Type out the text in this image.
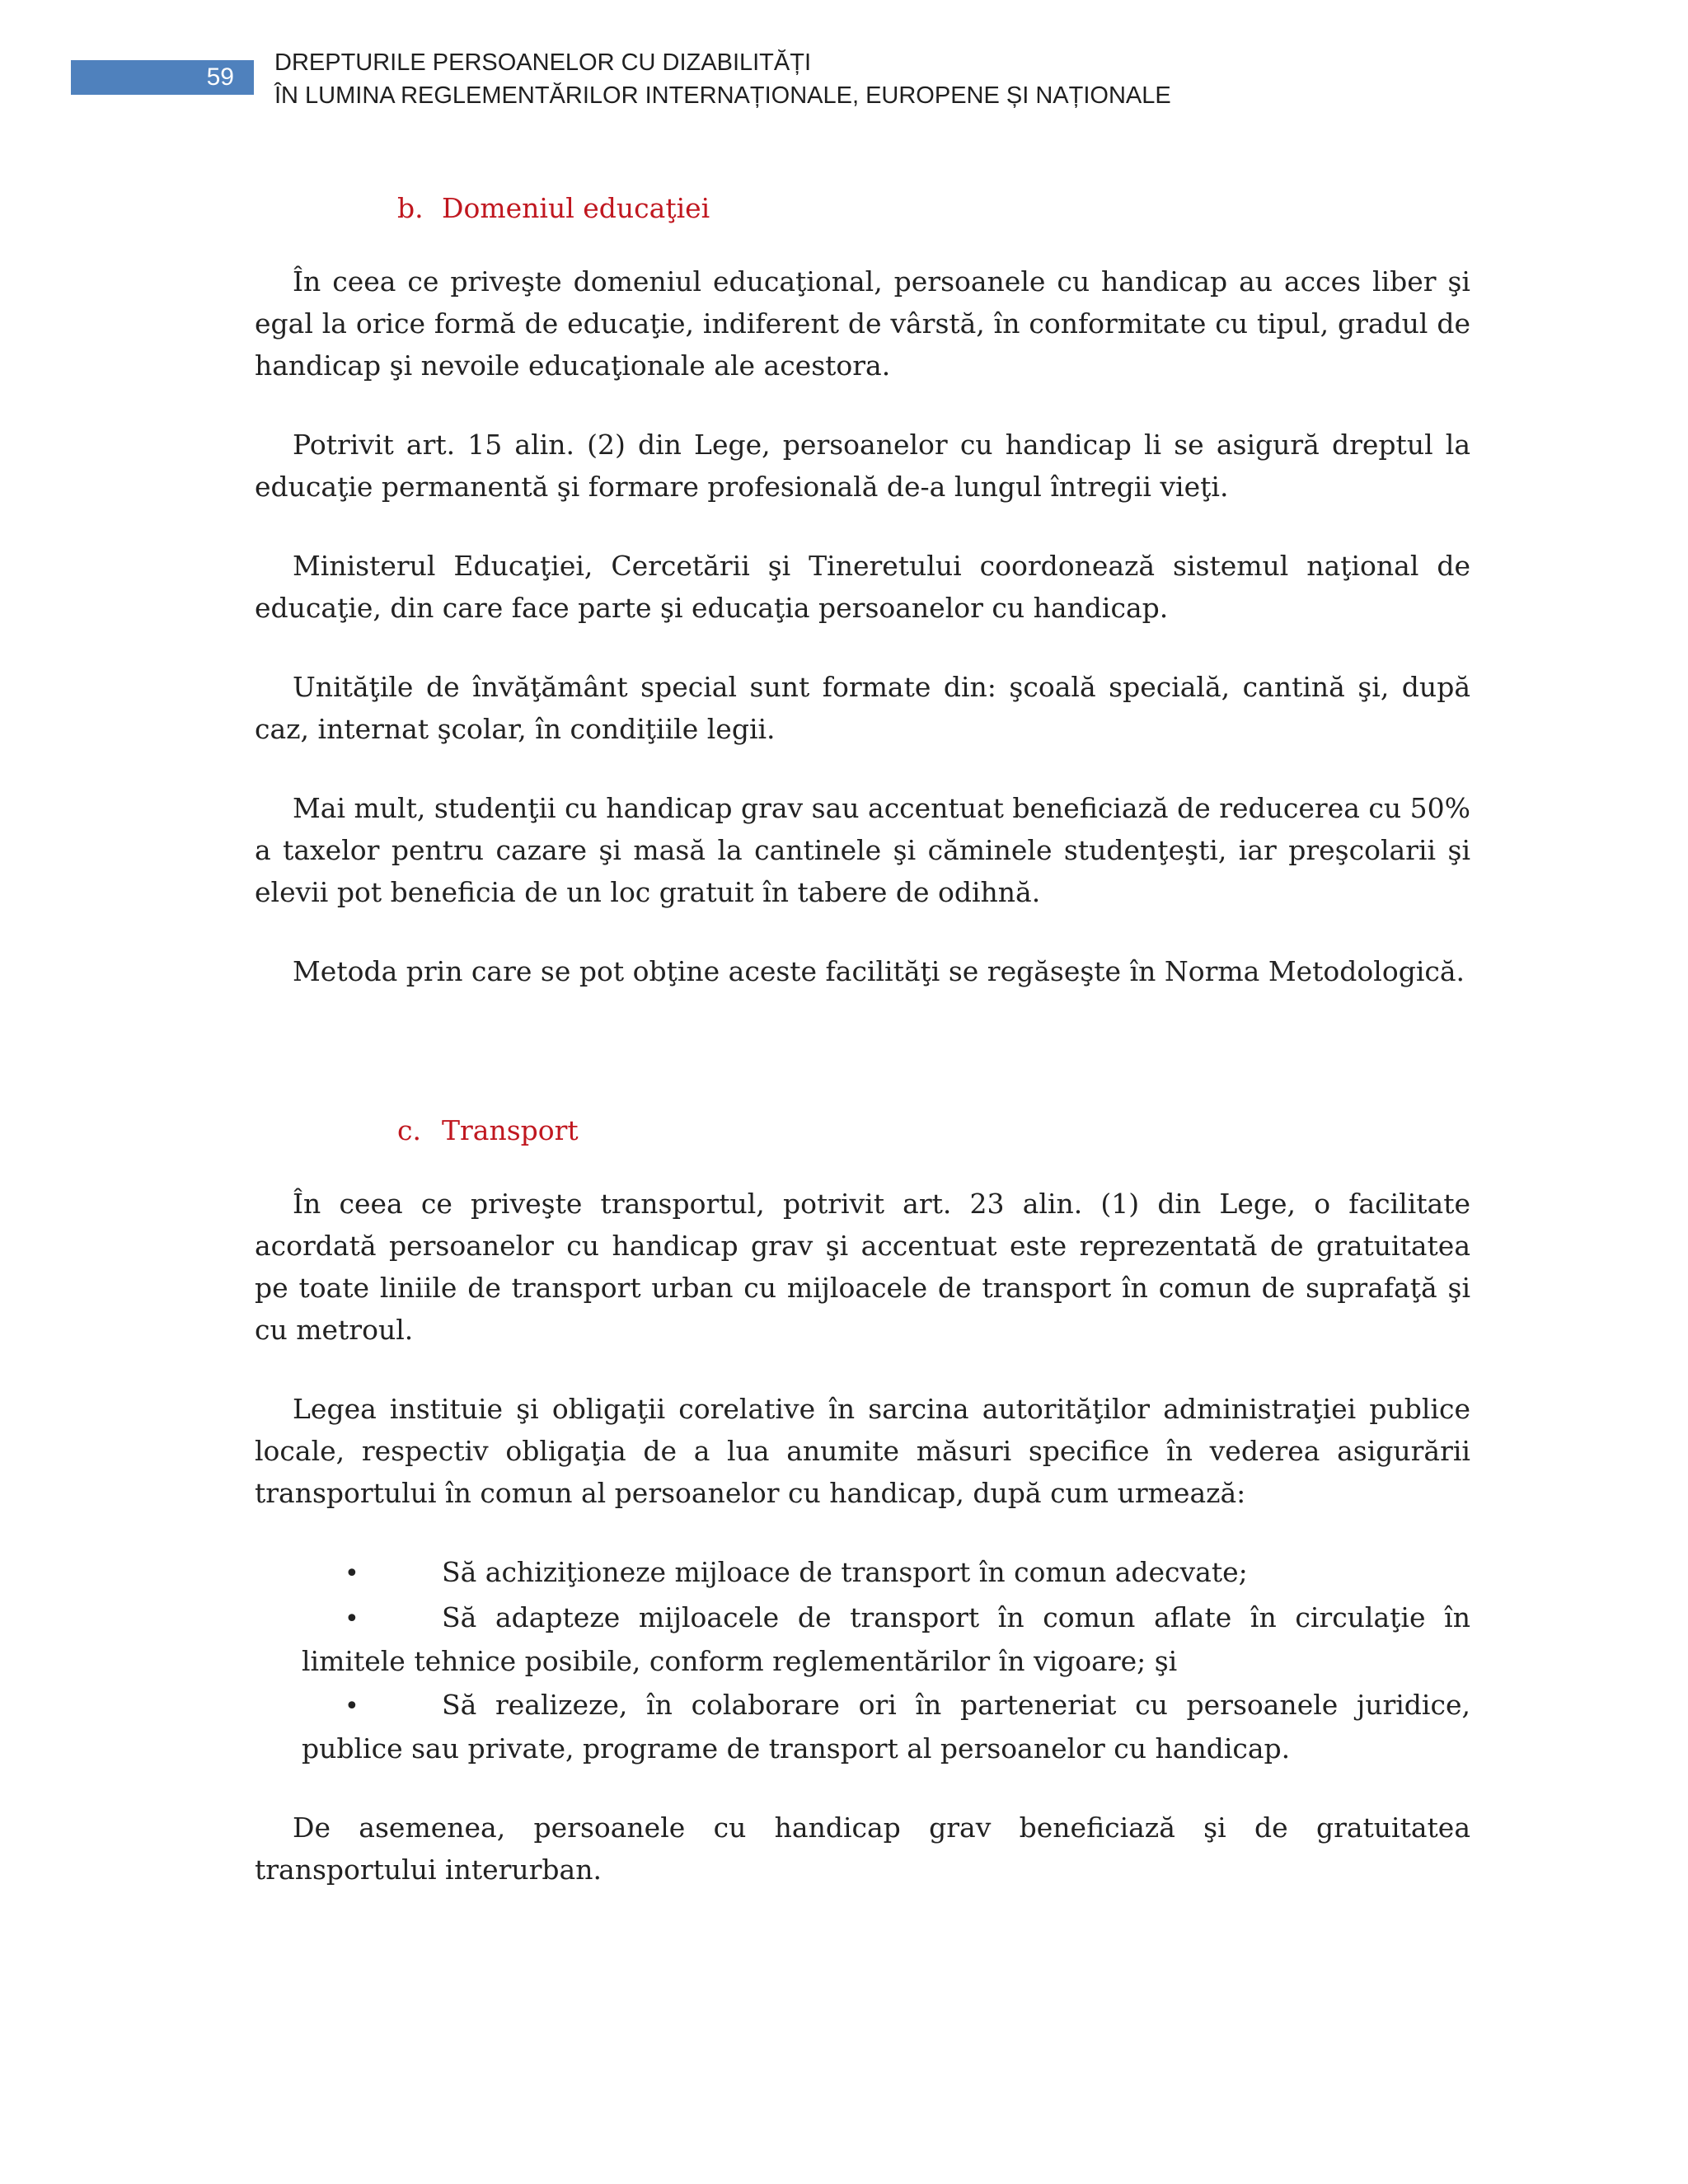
59
DREPTURILE PERSOANELOR CU DIZABILITĂȚI
ÎN LUMINA REGLEMENTĂRILOR INTERNAȚIONALE, EUROPENE ȘI NAȚIONALE
b. Domeniul educaţiei

În ceea ce priveşte domeniul educaţional, persoanele cu handicap au acces liber şi egal la orice formă de educaţie, indiferent de vârstă, în conformitate cu tipul, gradul de handicap şi nevoile educaţionale ale acestora.

Potrivit art. 15 alin. (2) din Lege, persoanelor cu handicap li se asigură dreptul la educaţie permanentă şi formare profesională de-a lungul întregii vieţi.

Ministerul Educaţiei, Cercetării şi Tineretului coordonează sistemul naţional de educaţie, din care face parte şi educaţia persoanelor cu handicap.

Unităţile de învăţământ special sunt formate din: şcoală specială, cantină şi, după caz, internat şcolar, în condiţiile legii.

Mai mult, studenţii cu handicap grav sau accentuat beneficiază de reducerea cu 50% a taxelor pentru cazare şi masă la cantinele şi căminele studenţeşti, iar preşcolarii şi elevii pot beneficia de un loc gratuit în tabere de odihnă.

Metoda prin care se pot obţine aceste facilităţi se regăseşte în Norma Metodologică.

c. Transport

În ceea ce priveşte transportul, potrivit art. 23 alin. (1) din Lege, o facilitate acordată persoanelor cu handicap grav şi accentuat este reprezentată de gratuitatea pe toate liniile de transport urban cu mijloacele de transport în comun de suprafaţă şi cu metroul.

Legea instituie şi obligaţii corelative în sarcina autorităţilor administraţiei publice locale, respectiv obligaţia de a lua anumite măsuri specifice în vederea asigurării transportului în comun al persoanelor cu handicap, după cum urmează:

•	Să achiziţioneze mijloace de transport în comun adecvate;
•	Să adapteze mijloacele de transport în comun aflate în circulaţie în limitele tehnice posibile, conform reglementărilor în vigoare; şi
•	Să realizeze, în colaborare ori în parteneriat cu persoanele juridice, publice sau private, programe de transport al persoanelor cu handicap.

De asemenea, persoanele cu handicap grav beneficiază şi de gratuitatea transportului interurban.
